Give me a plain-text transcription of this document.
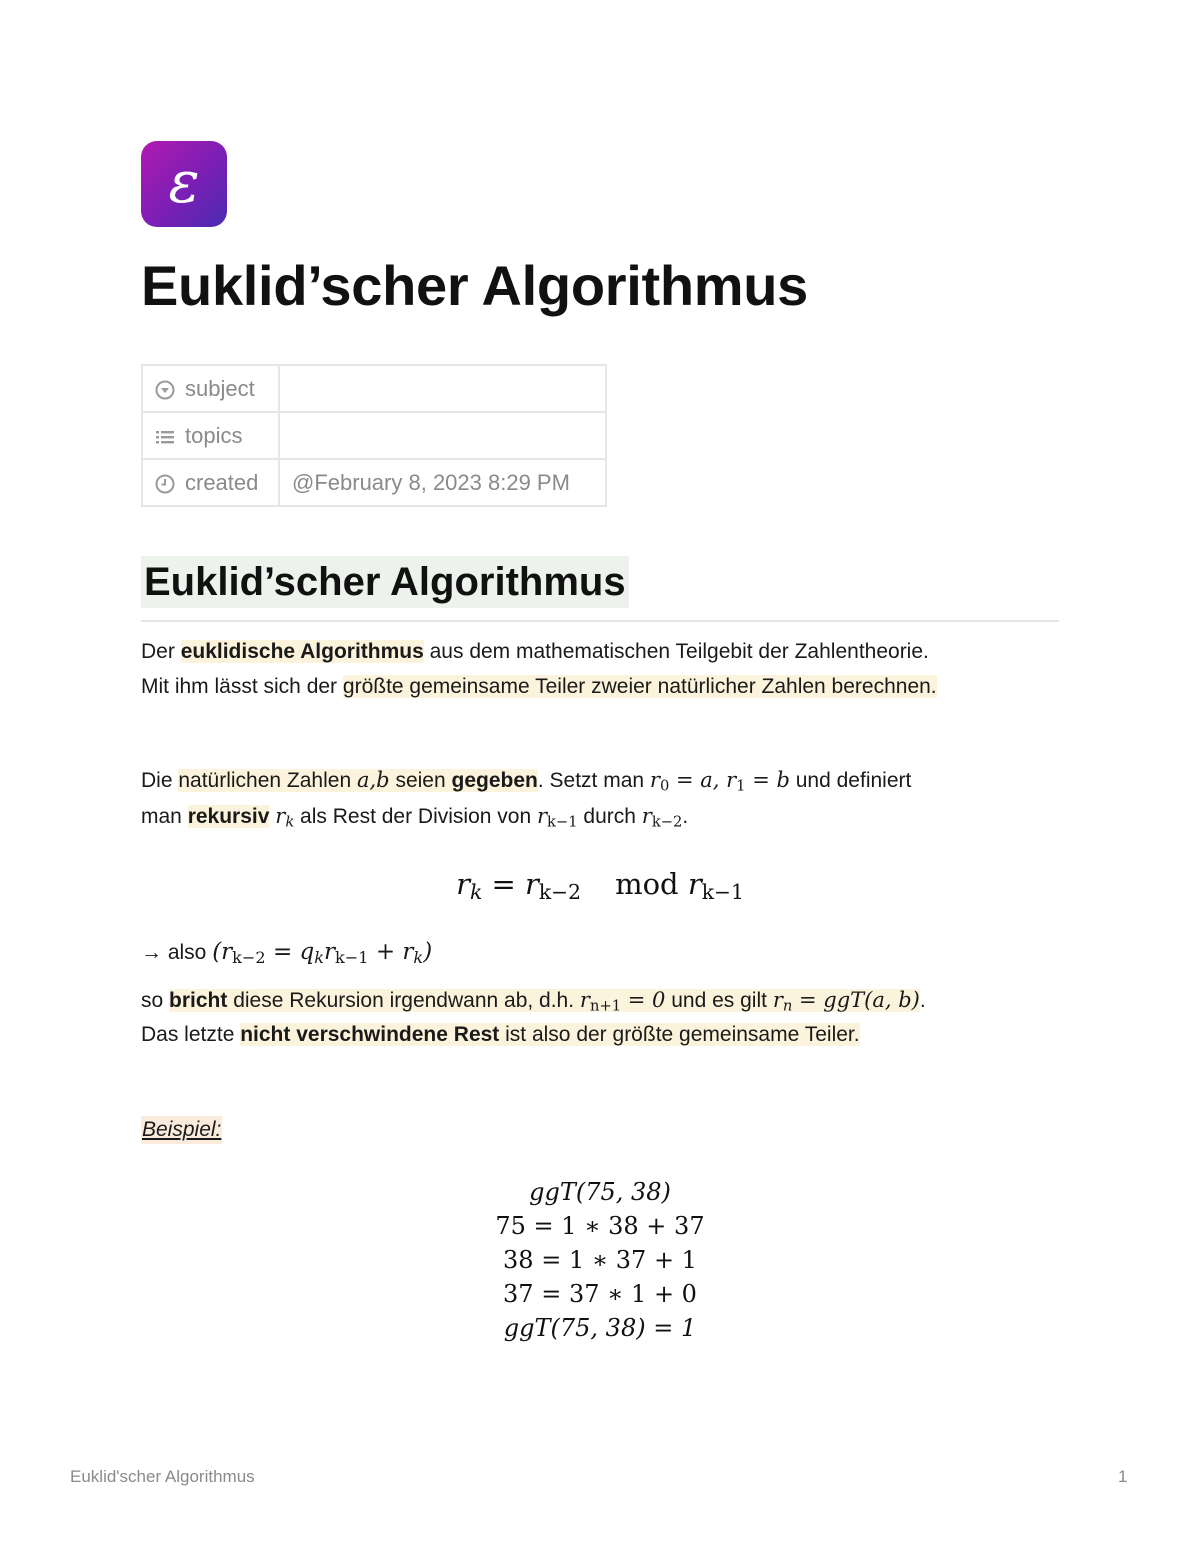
ε
Euklid’scher Algorithmus
subject	
topics	
created	@February 8, 2023 8:29 PM
Euklid’scher Algorithmus
Der euklidische Algorithmus aus dem mathematischen Teilgebit der Zahlentheorie.
Mit ihm lässt sich der größte gemeinsame Teiler zweier natürlicher Zahlen berechnen.
Die natürlichen Zahlen a,b seien gegeben. Setzt man $r_0 = a$, $r_1 = b$ und definiert
man rekursiv $r_k$ als Rest der Division von $r_{k-1}$ durch $r_{k-2}$.
$r_k = r_{k-2}$ mod $r_{k-1}$
→ also $(r_{k-2} = q_kr_{k-1} + r_k)$
so bricht diese Rekursion irgendwann ab, d.h. $r_{n+1} = 0$ und es gilt $r_n = ggT(a$, b).
Das letzte nicht verschwindene Rest ist also der größte gemeinsame Teiler.
Beispiel:
ggT(75, 38)
75 = 1 ∗ 38 + 37
38 = 1 ∗ 37 + 1
37 = 37 ∗ 1 + 0
ggT(75, 38) = 1
Euklid'scher Algorithmus	1
